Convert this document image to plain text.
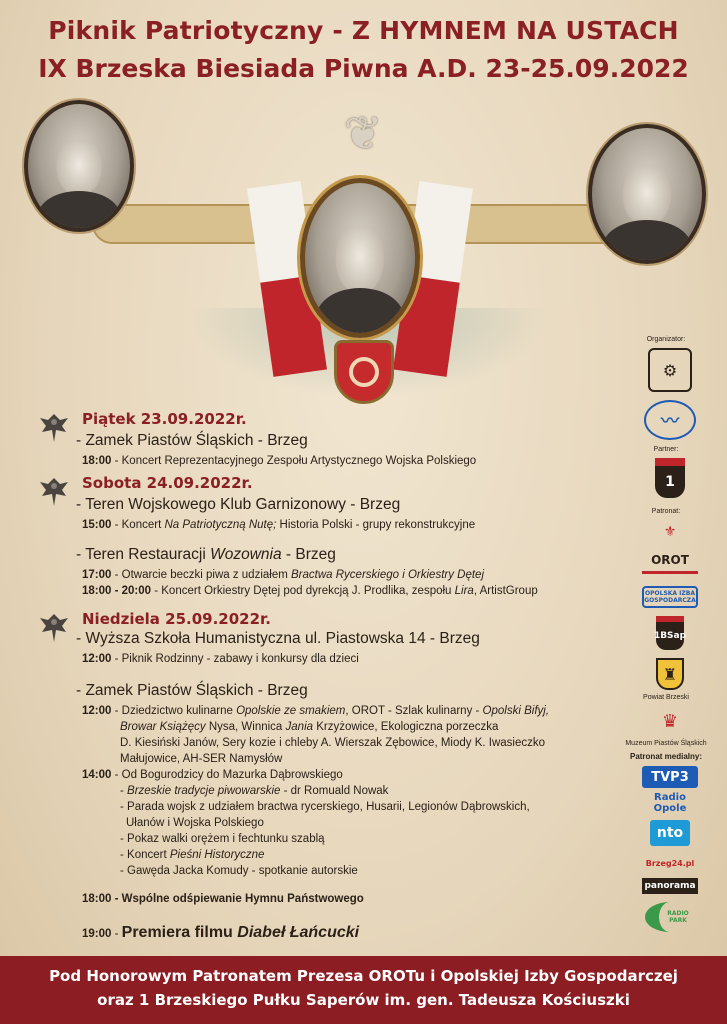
Piknik Patriotyczny - Z HYMNEM NA USTACH
IX Brzeska Biesiada Piwna A.D. 23-25.09.2022
❦
Piątek 23.09.2022r.
- Zamek Piastów Śląskich - Brzeg
18:00 - Koncert Reprezentacyjnego Zespołu Artystycznego Wojska Polskiego
Sobota 24.09.2022r.
- Teren Wojskowego Klub Garnizonowy - Brzeg
15:00 - Koncert Na Patriotyczną Nutę; Historia Polski - grupy rekonstrukcyjne
- Teren Restauracji Wozownia - Brzeg
17:00 - Otwarcie beczki piwa z udziałem Bractwa Rycerskiego i Orkiestry Dętej
18:00 - 20:00 - Koncert Orkiestry Dętej pod dyrekcją J. Prodlika, zespołu Lira, ArtistGroup
Niedziela 25.09.2022r.
- Wyższa Szkoła Humanistyczna ul. Piastowska 14 - Brzeg
12:00 - Piknik Rodzinny - zabawy i konkursy dla dzieci
- Zamek Piastów Śląskich - Brzeg
12:00 - Dziedzictwo kulinarne Opolskie ze smakiem, OROT - Szlak kulinarny - Opolski Bifyj,
Browar Książęcy Nysa, Winnica Jania Krzyżowice, Ekologiczna porzeczka
D. Kiesiński Janów, Sery kozie i chleby A. Wierszak Zębowice, Miody K. Iwasieczko
Małujowice, AH-SER Namysłów
14:00 - Od Bogurodzicy do Mazurka Dąbrowskiego
- Brzeskie tradycje piwowarskie - dr Romuald Nowak
- Parada wojsk z udziałem bractwa rycerskiego, Husarii, Legionów Dąbrowskich,
Ułanów i Wojska Polskiego
- Pokaz walki orężem i fechtunku szablą
- Koncert Pieśni Historyczne
- Gawęda Jacka Komudy - spotkanie autorskie
18:00 - Wspólne odśpiewanie Hymnu Państwowego
19:00 - Premiera filmu Diabeł Łańcucki
Organizator:
⚙
〰
Partner:
1
Patronat:
⚜
OROT
OPOLSKA IZBA GOSPODARCZA
1BSap
♜
Powiat Brzeski
♛
Muzeum Piastów Śląskich
Patronat medialny:
TVP3
Radio Opole
nto
Brzeg24.pl
panorama
RADIO PARK
Pod Honorowym Patronatem Prezesa OROTu i Opolskiej Izby Gospodarczej
oraz 1 Brzeskiego Pułku Saperów im. gen. Tadeusza Kościuszki
